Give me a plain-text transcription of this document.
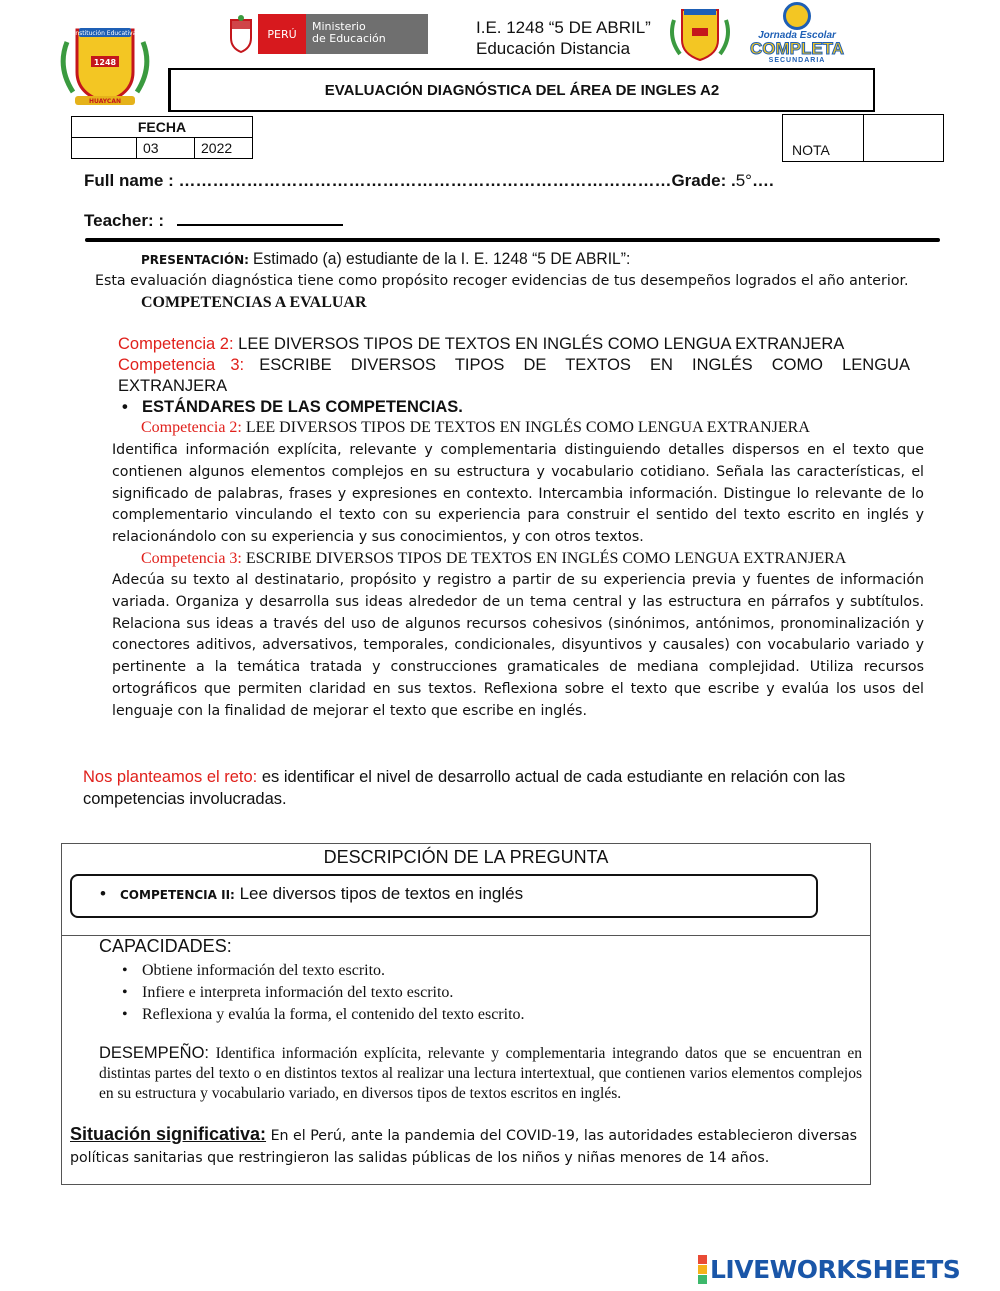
Institución Educativa
1248
HUAYCAN
PERÚ
Ministerio
de Educación
I.E. 1248 “5 DE ABRIL”
Educación Distancia
Jornada Escolar
COMPLETA
SECUNDARIA
EVALUACIÓN DIAGNÓSTICA DEL ÁREA DE INGLES A2
FECHA
	03	2022	NOTA
Full name : ……………………………………………………………………………Grade: .5°….
Teacher: :
PRESENTACIÓN: Estimado (a) estudiante de la I. E. 1248 “5 DE ABRIL”:
Esta evaluación diagnóstica tiene como propósito recoger evidencias de tus desempeños logrados el año anterior.
COMPETENCIAS A EVALUAR
Competencia 2: LEE DIVERSOS TIPOS DE TEXTOS EN INGLÉS COMO LENGUA EXTRANJERA
Competencia 3: ESCRIBE DIVERSOS TIPOS DE TEXTOS EN INGLÉS COMO LENGUA
EXTRANJERA
• ESTÁNDARES DE LAS COMPETENCIAS.
Competencia 2: LEE DIVERSOS TIPOS DE TEXTOS EN INGLÉS COMO LENGUA EXTRANJERA
Identifica información explícita, relevante y complementaria distinguiendo detalles dispersos en el texto que contienen algunos elementos complejos en su estructura y vocabulario cotidiano. Señala las características, el significado de palabras, frases y expresiones en contexto. Intercambia información. Distingue lo relevante de lo complementario vinculando el texto con su experiencia para construir el sentido del texto escrito en inglés y relacionándolo con su experiencia y sus conocimientos, y con otros textos.
Competencia 3: ESCRIBE DIVERSOS TIPOS DE TEXTOS EN INGLÉS COMO LENGUA EXTRANJERA
Adecúa su texto al destinatario, propósito y registro a partir de su experiencia previa y fuentes de información variada. Organiza y desarrolla sus ideas alrededor de un tema central y las estructura en párrafos y subtítulos. Relaciona sus ideas a través del uso de algunos recursos cohesivos (sinónimos, antónimos, pronominalización y conectores aditivos, adversativos, temporales, condicionales, disyuntivos y causales) con vocabulario variado y pertinente a la temática tratada y construcciones gramaticales de mediana complejidad. Utiliza recursos ortográficos que permiten claridad en sus textos. Reflexiona sobre el texto que escribe y evalúa los usos del lenguaje con la finalidad de mejorar el texto que escribe en inglés.
Nos planteamos el reto: es identificar el nivel de desarrollo actual de cada estudiante en relación con las competencias involucradas.
DESCRIPCIÓN DE LA PREGUNTA
• COMPETENCIA II: Lee diversos tipos de textos en inglés
CAPACIDADES:
• Obtiene información del texto escrito.
• Infiere e interpreta información del texto escrito.
• Reflexiona y evalúa la forma, el contenido del texto escrito.
DESEMPEÑO: Identifica información explícita, relevante y complementaria integrando datos que se encuentran en distintas partes del texto o en distintos textos al realizar una lectura intertextual, que contienen varios elementos complejos en su estructura y vocabulario variado, en diversos tipos de textos escritos en inglés.
Situación significativa: En el Perú, ante la pandemia del COVID-19, las autoridades establecieron diversas políticas sanitarias que restringieron las salidas públicas de los niños y niñas menores de 14 años.
LIVEWORKSHEETS
